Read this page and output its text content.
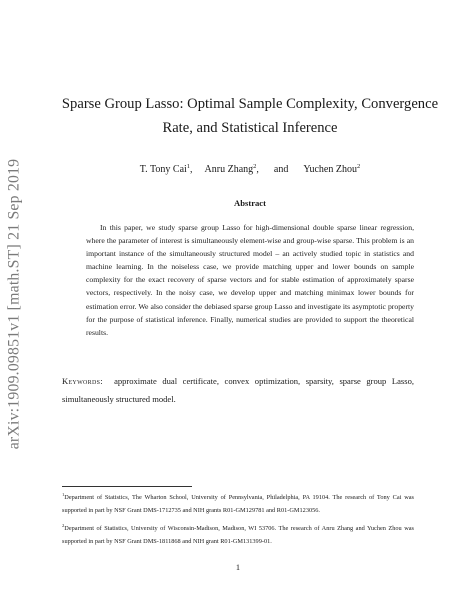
arXiv:1909.09851v1 [math.ST] 21 Sep 2019
Sparse Group Lasso: Optimal Sample Complexity, Convergence Rate, and Statistical Inference
T. Tony Cai$^1$, Anru Zhang$^2$, and Yuchen Zhou$^2$
Abstract

In this paper, we study sparse group Lasso for high-dimensional double sparse linear regression, where the parameter of interest is simultaneously element-wise and group-wise sparse. This problem is an important instance of the simultaneously structured model – an actively studied topic in statistics and machine learning. In the noiseless case, we provide matching upper and lower bounds on sample complexity for the exact recovery of sparse vectors and for stable estimation of approximately sparse vectors, respectively. In the noisy case, we develop upper and matching minimax lower bounds for estimation error. We also consider the debiased sparse group Lasso and investigate its asymptotic property for the purpose of statistical inference. Finally, numerical studies are provided to support the theoretical results.

Keywords: approximate dual certificate, convex optimization, sparsity, sparse group Lasso, simultaneously structured model.

$^1$Department of Statistics, The Wharton School, University of Pennsylvania, Philadelphia, PA 19104. The research of Tony Cai was supported in part by NSF Grant DMS-1712735 and NIH grants R01-GM129781 and R01-GM123056.

$^2$Department of Statistics, University of Wisconsin-Madison, Madison, WI 53706. The research of Anru Zhang and Yuchen Zhou was supported in part by NSF Grant DMS-1811868 and NIH grant R01-GM131399-01.

1
